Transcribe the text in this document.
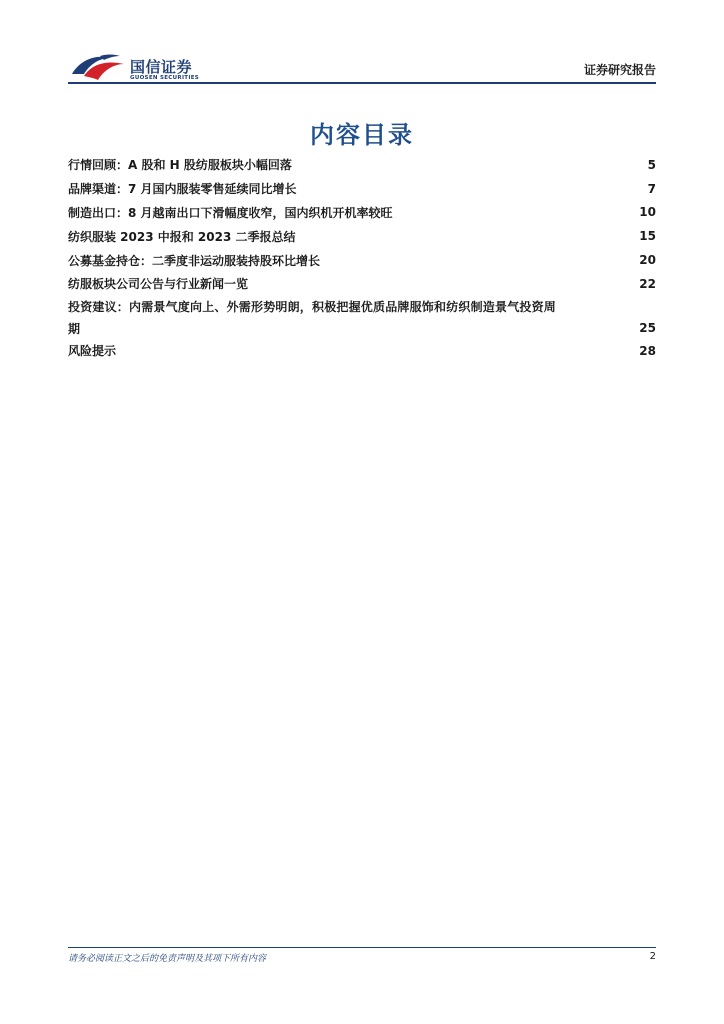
国信证券
GUOSEN SECURITIES
证券研究报告
内容目录
行情回顾：A 股和 H 股纺服板块小幅回落	5
品牌渠道：7 月国内服装零售延续同比增长	7
制造出口：8 月越南出口下滑幅度收窄，国内织机开机率较旺	10
纺织服装 2023 中报和 2023 二季报总结	15
公募基金持仓：二季度非运动服装持股环比增长	20
纺服板块公司公告与行业新闻一览	22
投资建议：内需景气度向上、外需形势明朗，积极把握优质品牌服饰和纺织制造景气投资周
期	25
风险提示	28
请务必阅读正文之后的免责声明及其项下所有内容	2
